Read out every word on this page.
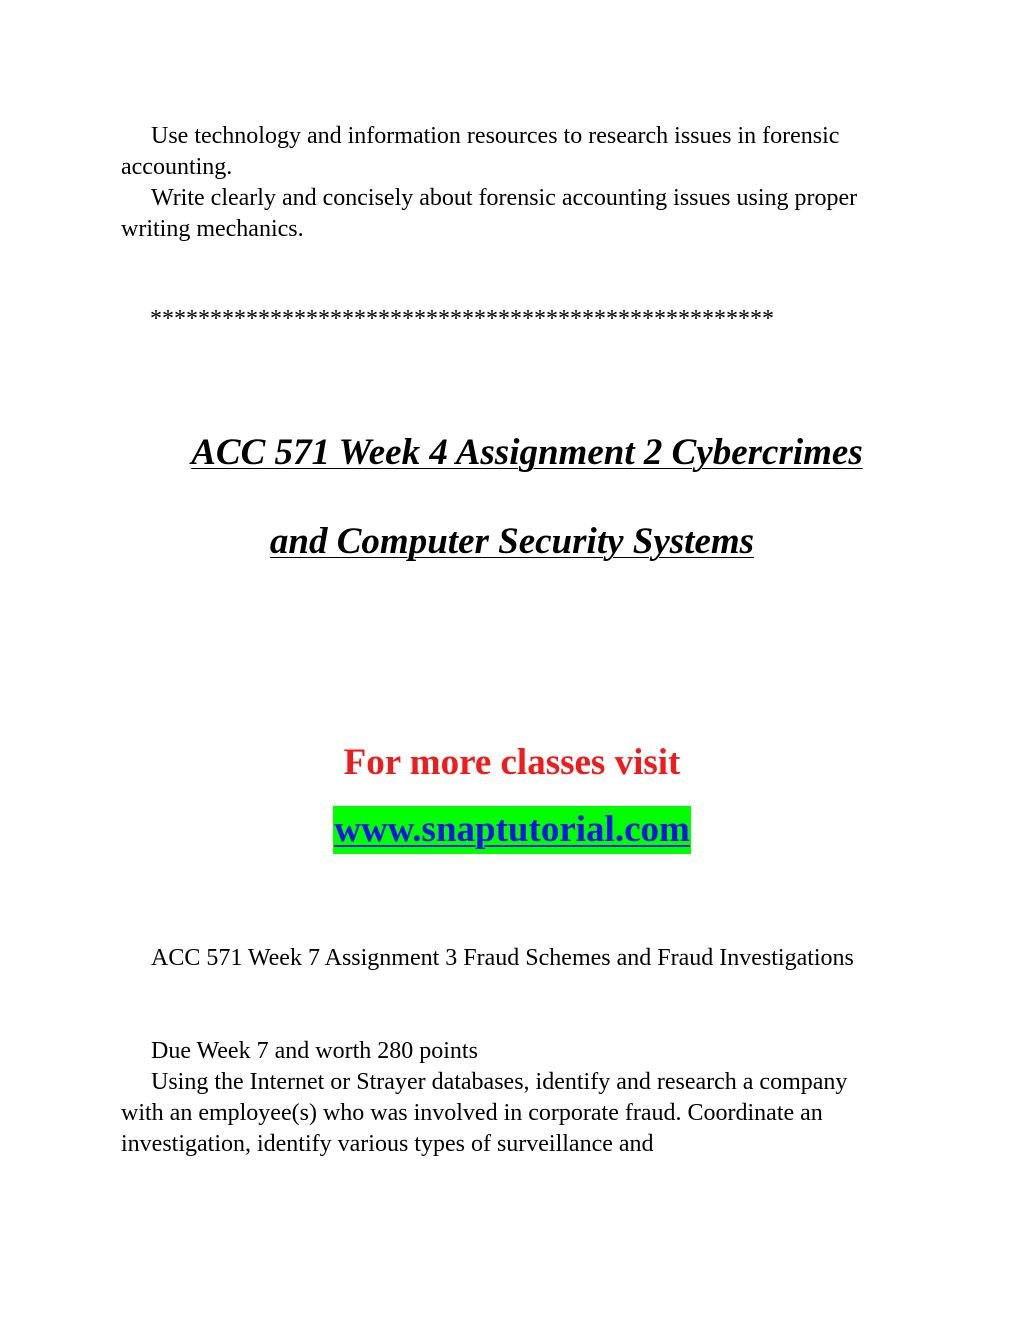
Use technology and information resources to research issues in forensic accounting.

Write clearly and concisely about forensic accounting issues using proper writing mechanics.

****************************************************
ACC 571 Week 4 Assignment 2 Cybercrimes
and Computer Security Systems
For more classes visit
www.snaptutorial.com

ACC 571 Week 7 Assignment 3 Fraud Schemes and Fraud Investigations

Due Week 7 and worth 280 points

Using the Internet or Strayer databases, identify and research a company with an employee(s) who was involved in corporate fraud. Coordinate an investigation, identify various types of surveillance and
